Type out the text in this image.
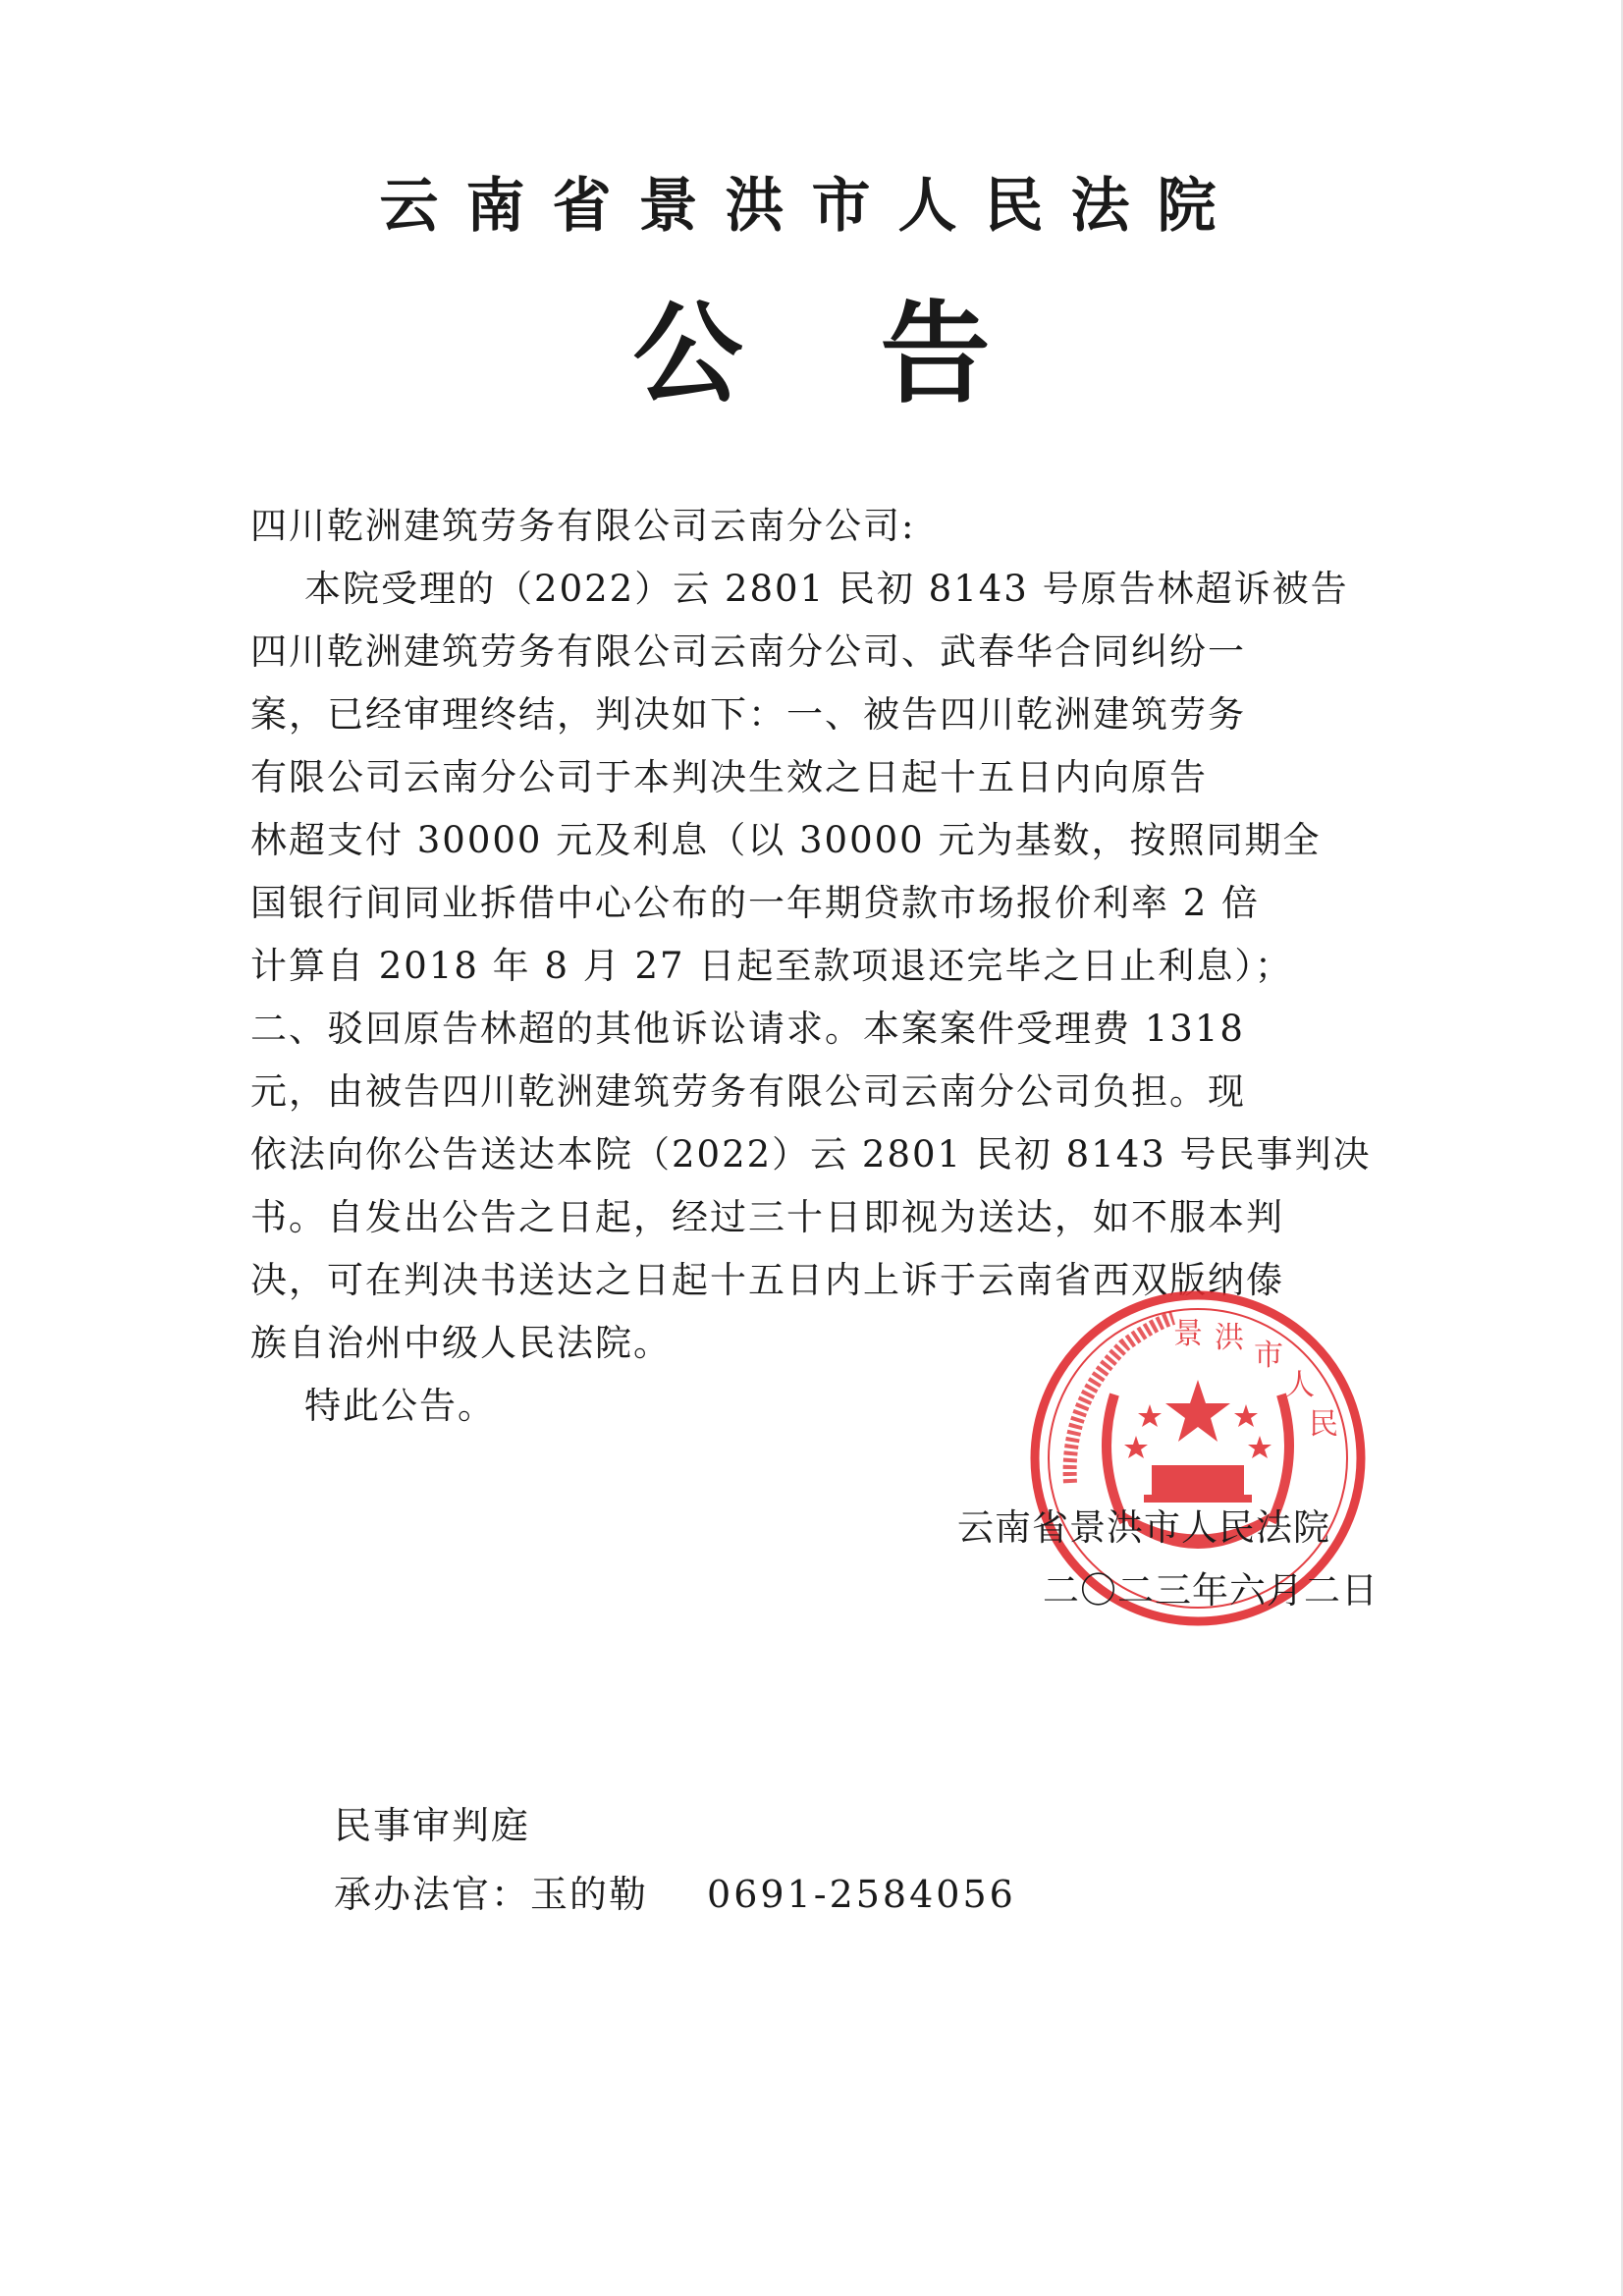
云南省景洪市人民法院
公告
四川乾洲建筑劳务有限公司云南分公司:
本院受理的（2022）云 2801 民初 8143 号原告林超诉被告
四川乾洲建筑劳务有限公司云南分公司、武春华合同纠纷一
案，已经审理终结，判决如下：一、被告四川乾洲建筑劳务
有限公司云南分公司于本判决生效之日起十五日内向原告
林超支付 30000 元及利息（以 30000 元为基数，按照同期全
国银行间同业拆借中心公布的一年期贷款市场报价利率 2 倍
计算自 2018 年 8 月 27 日起至款项退还完毕之日止利息）；
二、驳回原告林超的其他诉讼请求。本案案件受理费 1318
元，由被告四川乾洲建筑劳务有限公司云南分公司负担。现
依法向你公告送达本院（2022）云 2801 民初 8143 号民事判决
书。自发出公告之日起，经过三十日即视为送达，如不服本判
决，可在判决书送达之日起十五日内上诉于云南省西双版纳傣
族自治州中级人民法院。
特此公告。
景 洪
市
人
民
云南省景洪市人民法院
二〇二三年六月二日
民事审判庭
承办法官：玉的勒 0691-2584056
